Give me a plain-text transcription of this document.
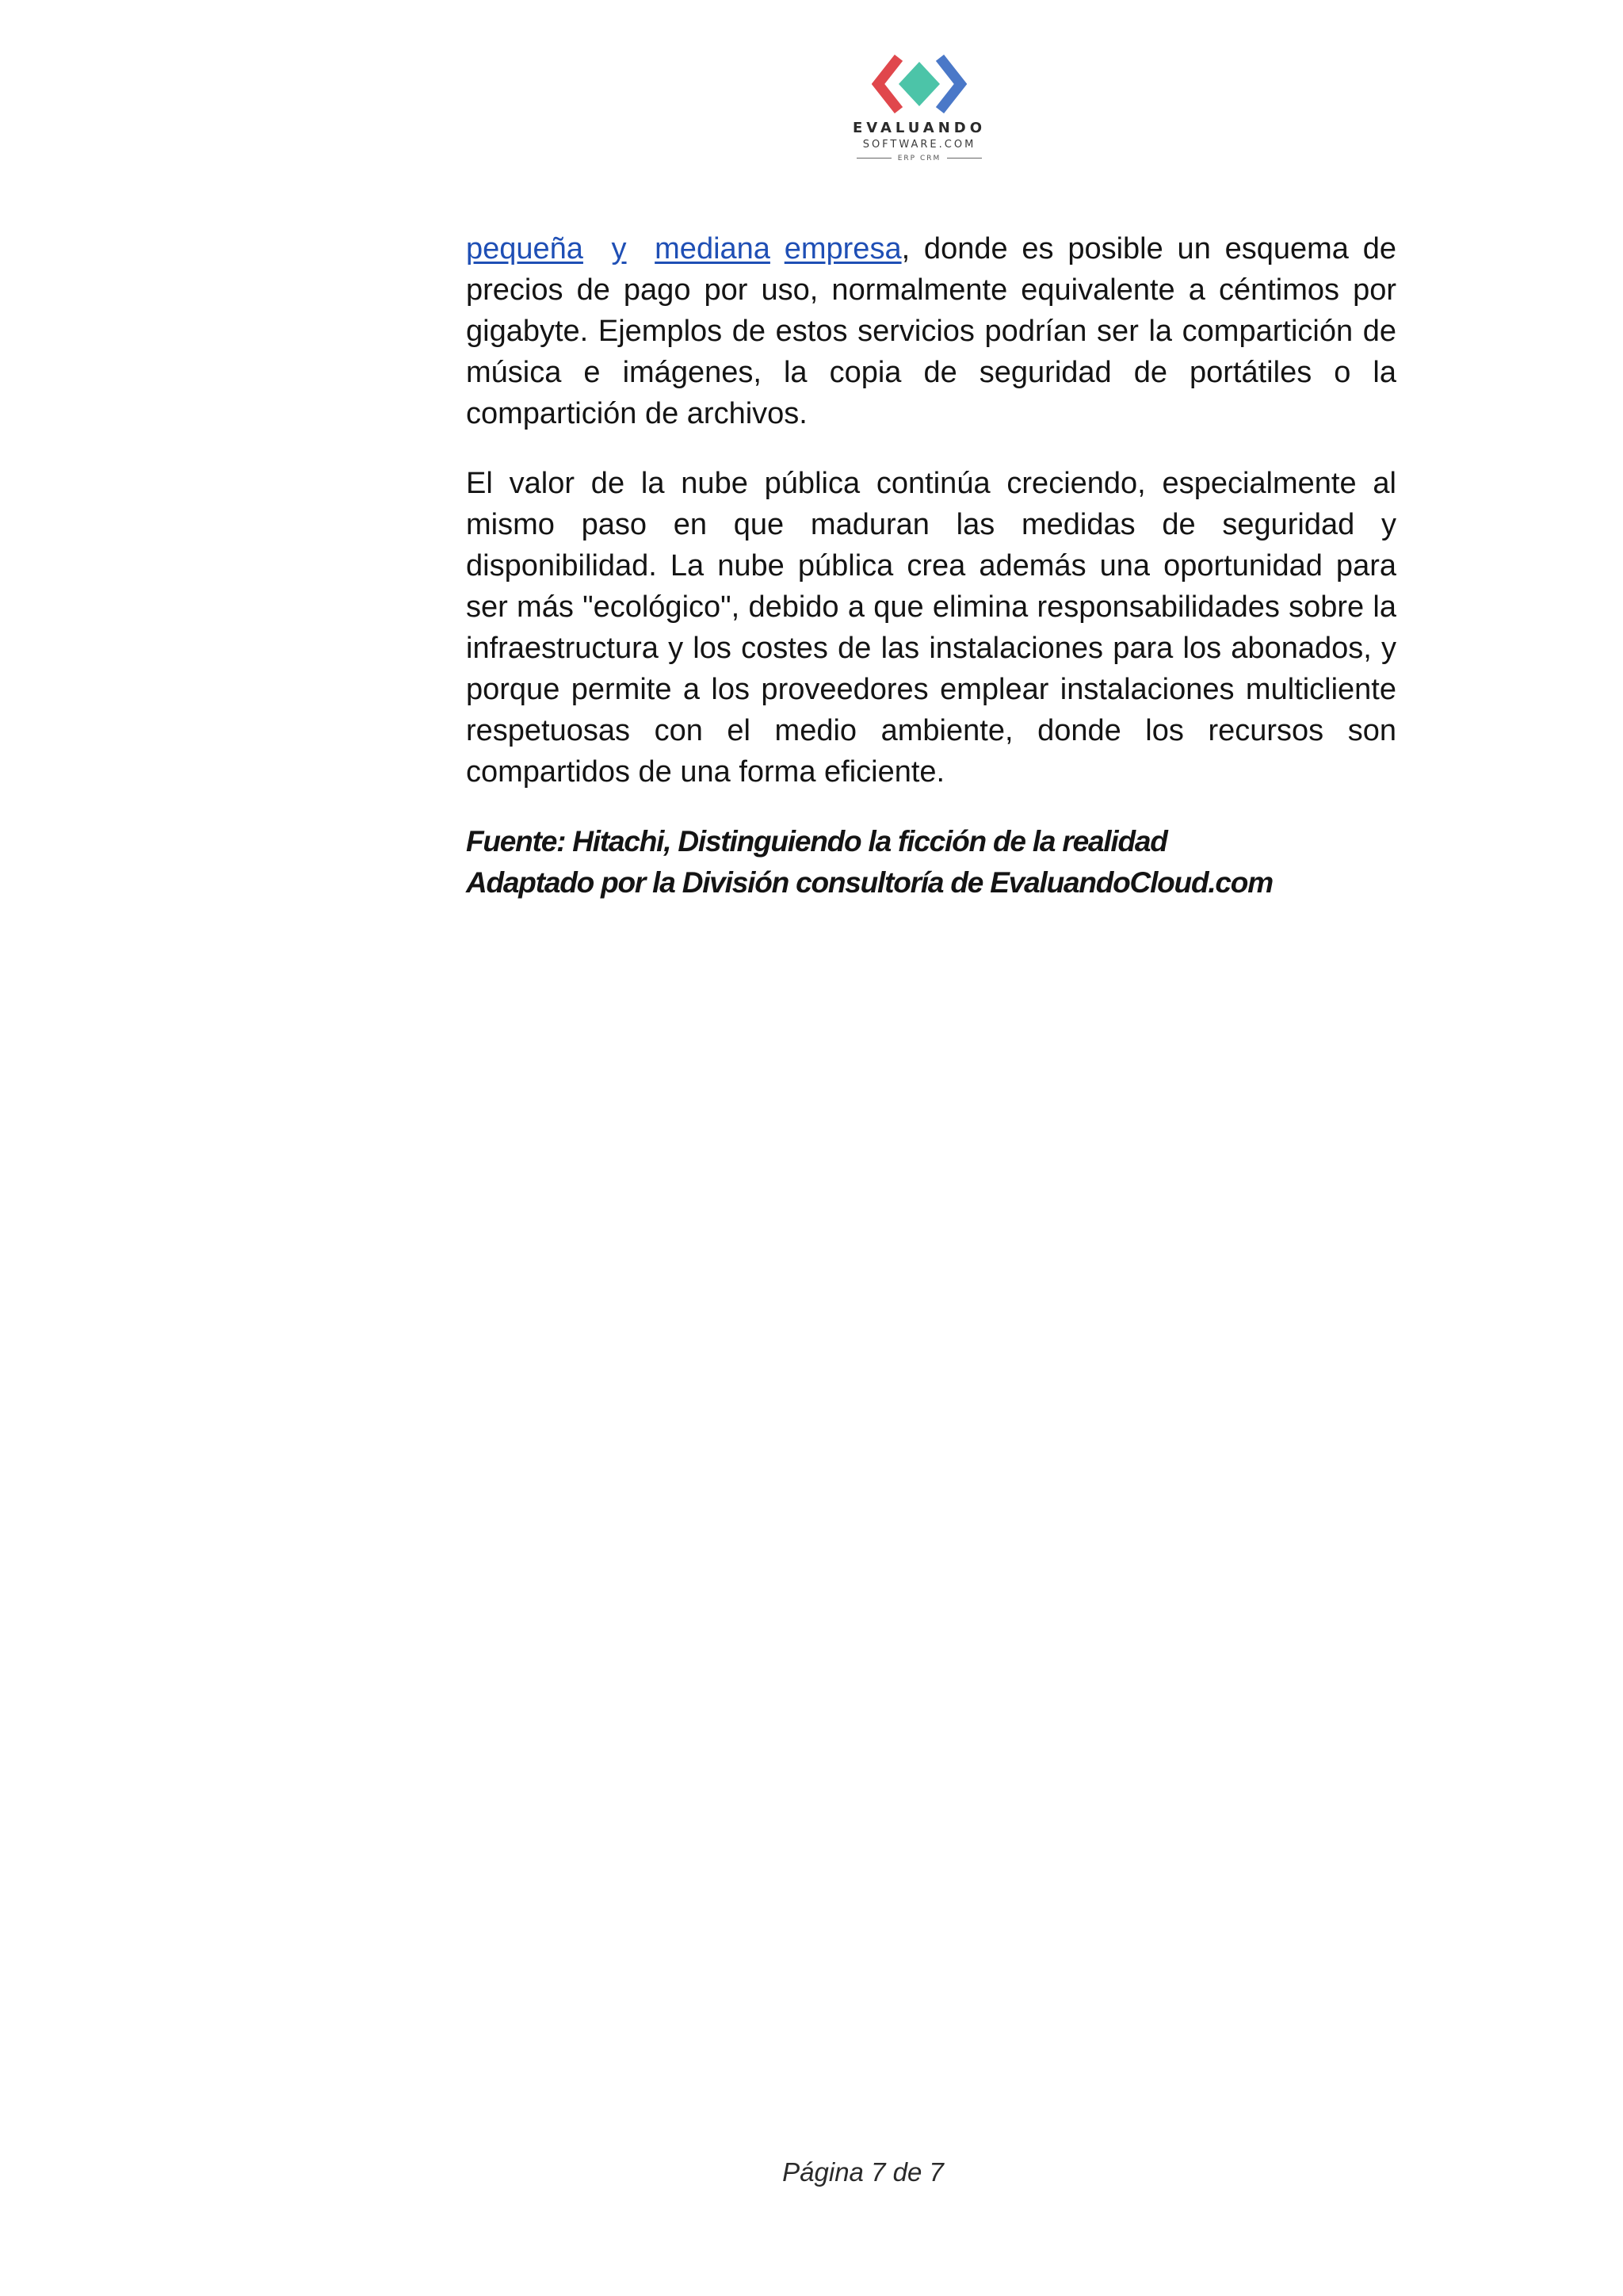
EVALUANDO
SOFTWARE.COM
ERP CRM

pequeña y mediana empresa, donde es posible un esquema de precios de pago por uso, normalmente equivalente a céntimos por gigabyte. Ejemplos de estos servicios podrían ser la compartición de música e imágenes, la copia de seguridad de portátiles o la compartición de archivos.

El valor de la nube pública continúa creciendo, especialmente al mismo paso en que maduran las medidas de seguridad y disponibilidad. La nube pública crea además una oportunidad para ser más "ecológico", debido a que elimina responsabilidades sobre la infraestructura y los costes de las instalaciones para los abonados, y porque permite a los proveedores emplear instalaciones multicliente respetuosas con el medio ambiente, donde los recursos son compartidos de una forma eficiente.

Fuente: Hitachi, Distinguiendo la ficción de la realidad
Adaptado por la División consultoría de EvaluandoCloud.com
Página 7 de 7
